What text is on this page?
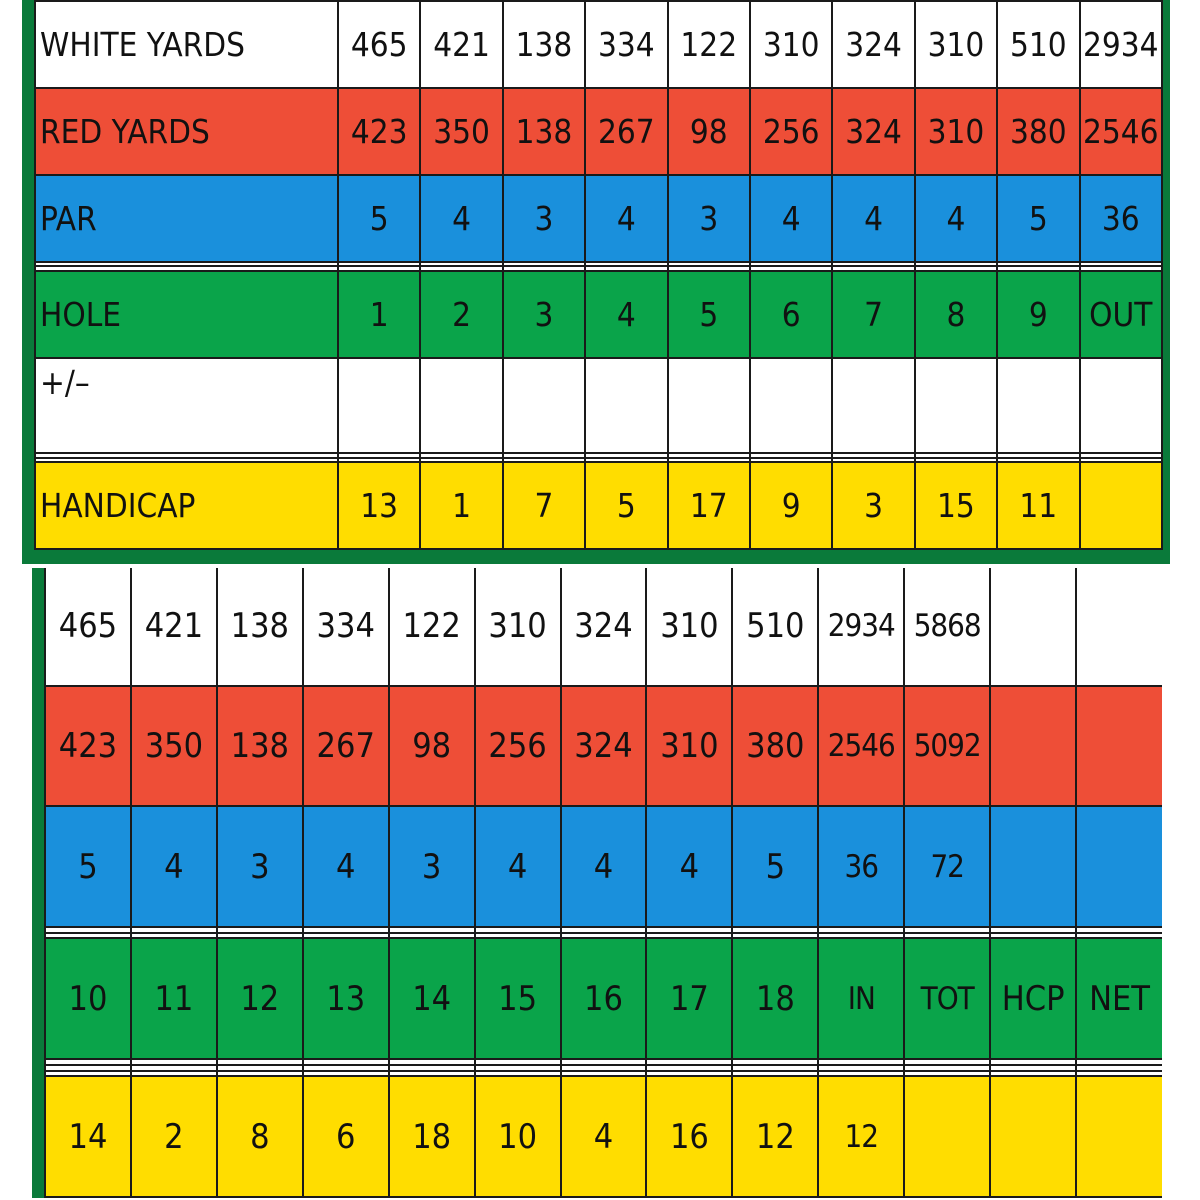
WHITE YARDS	465	421	138	334	122	310	324	310	510	2934
RED YARDS	423	350	138	267	98	256	324	310	380	2546
PAR	5	4	3	4	3	4	4	4	5	36

HOLE	1	2	3	4	5	6	7	8	9	OUT
+/–										

HANDICAP	13	1	7	5	17	9	3	15	11	
465	421	138	334	122	310	324	310	510	2934	5868		
423	350	138	267	98	256	324	310	380	2546	5092		
5	4	3	4	3	4	4	4	5	36	72		

10	11	12	13	14	15	16	17	18	IN	TOT	HCP	NET

14	2	8	6	18	10	4	16	12	12			
